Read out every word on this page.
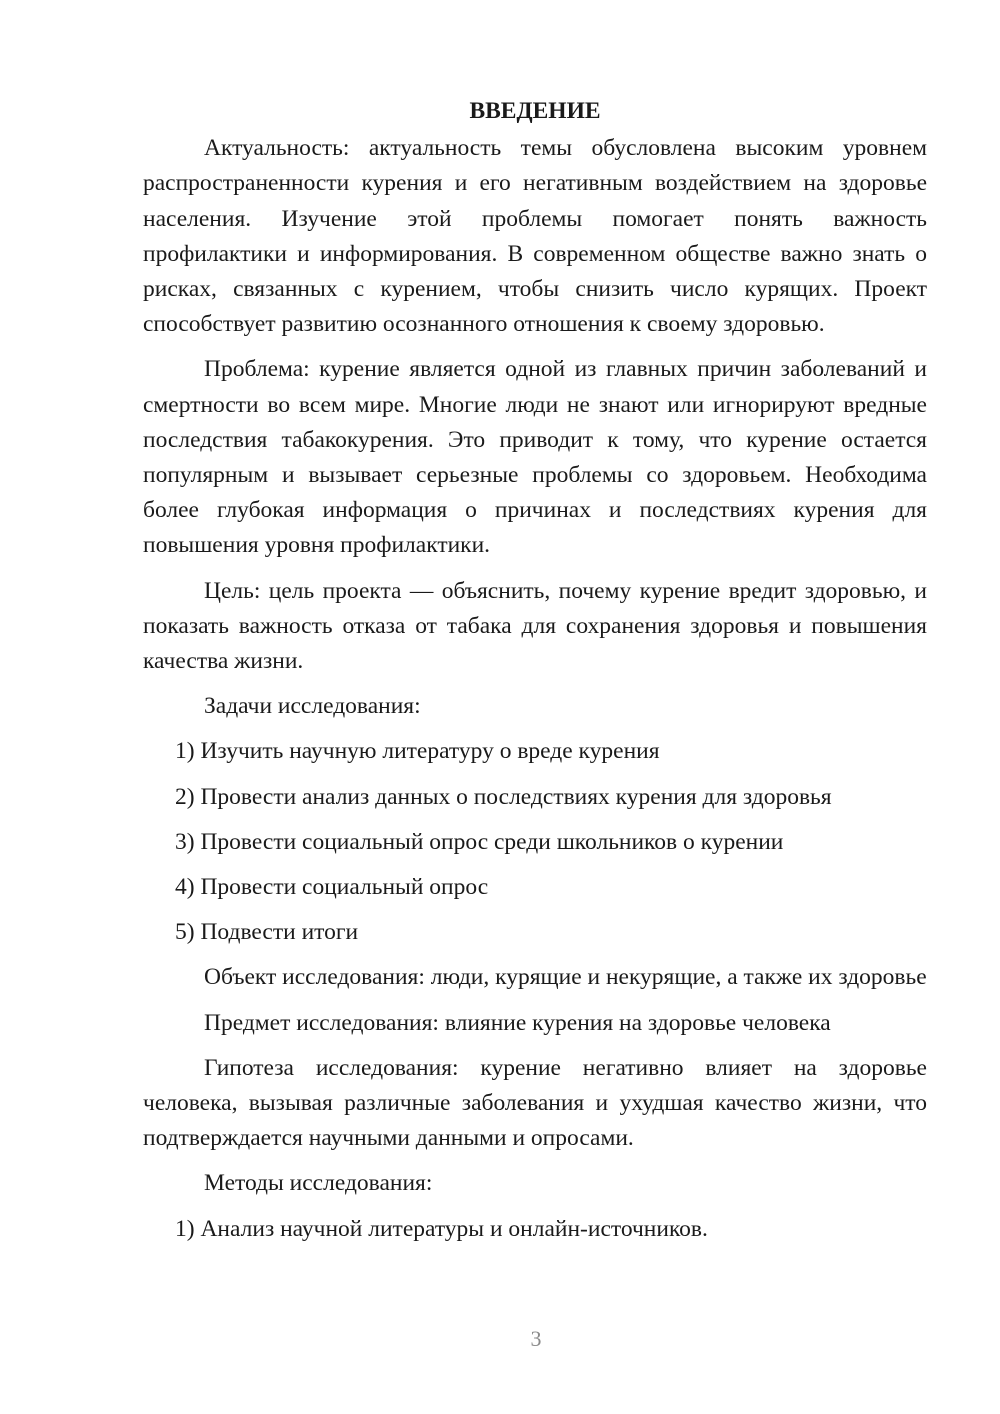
ВВЕДЕНИЕ

Актуальность: актуальность темы обусловлена высоким уровнем распространенности курения и его негативным воздействием на здоровье населения. Изучение этой проблемы помогает понять важность профилактики и информирования. В современном обществе важно знать о рисках, связанных с курением, чтобы снизить число курящих. Проект способствует развитию осознанного отношения к своему здоровью.

Проблема: курение является одной из главных причин заболеваний и смертности во всем мире. Многие люди не знают или игнорируют вредные последствия табакокурения. Это приводит к тому, что курение остается популярным и вызывает серьезные проблемы со здоровьем. Необходима более глубокая информация о причинах и последствиях курения для повышения уровня профилактики.

Цель: цель проекта — объяснить, почему курение вредит здоровью, и показать важность отказа от табака для сохранения здоровья и повышения качества жизни.

Задачи исследования:

1) Изучить научную литературу о вреде курения

2) Провести анализ данных о последствиях курения для здоровья

3) Провести социальный опрос среди школьников о курении

4) Провести социальный опрос

5) Подвести итоги

Объект исследования: люди, курящие и некурящие, а также их здоровье

Предмет исследования: влияние курения на здоровье человека

Гипотеза исследования: курение негативно влияет на здоровье человека, вызывая различные заболевания и ухудшая качество жизни, что подтверждается научными данными и опросами.

Методы исследования:

1) Анализ научной литературы и онлайн-источников.

3
